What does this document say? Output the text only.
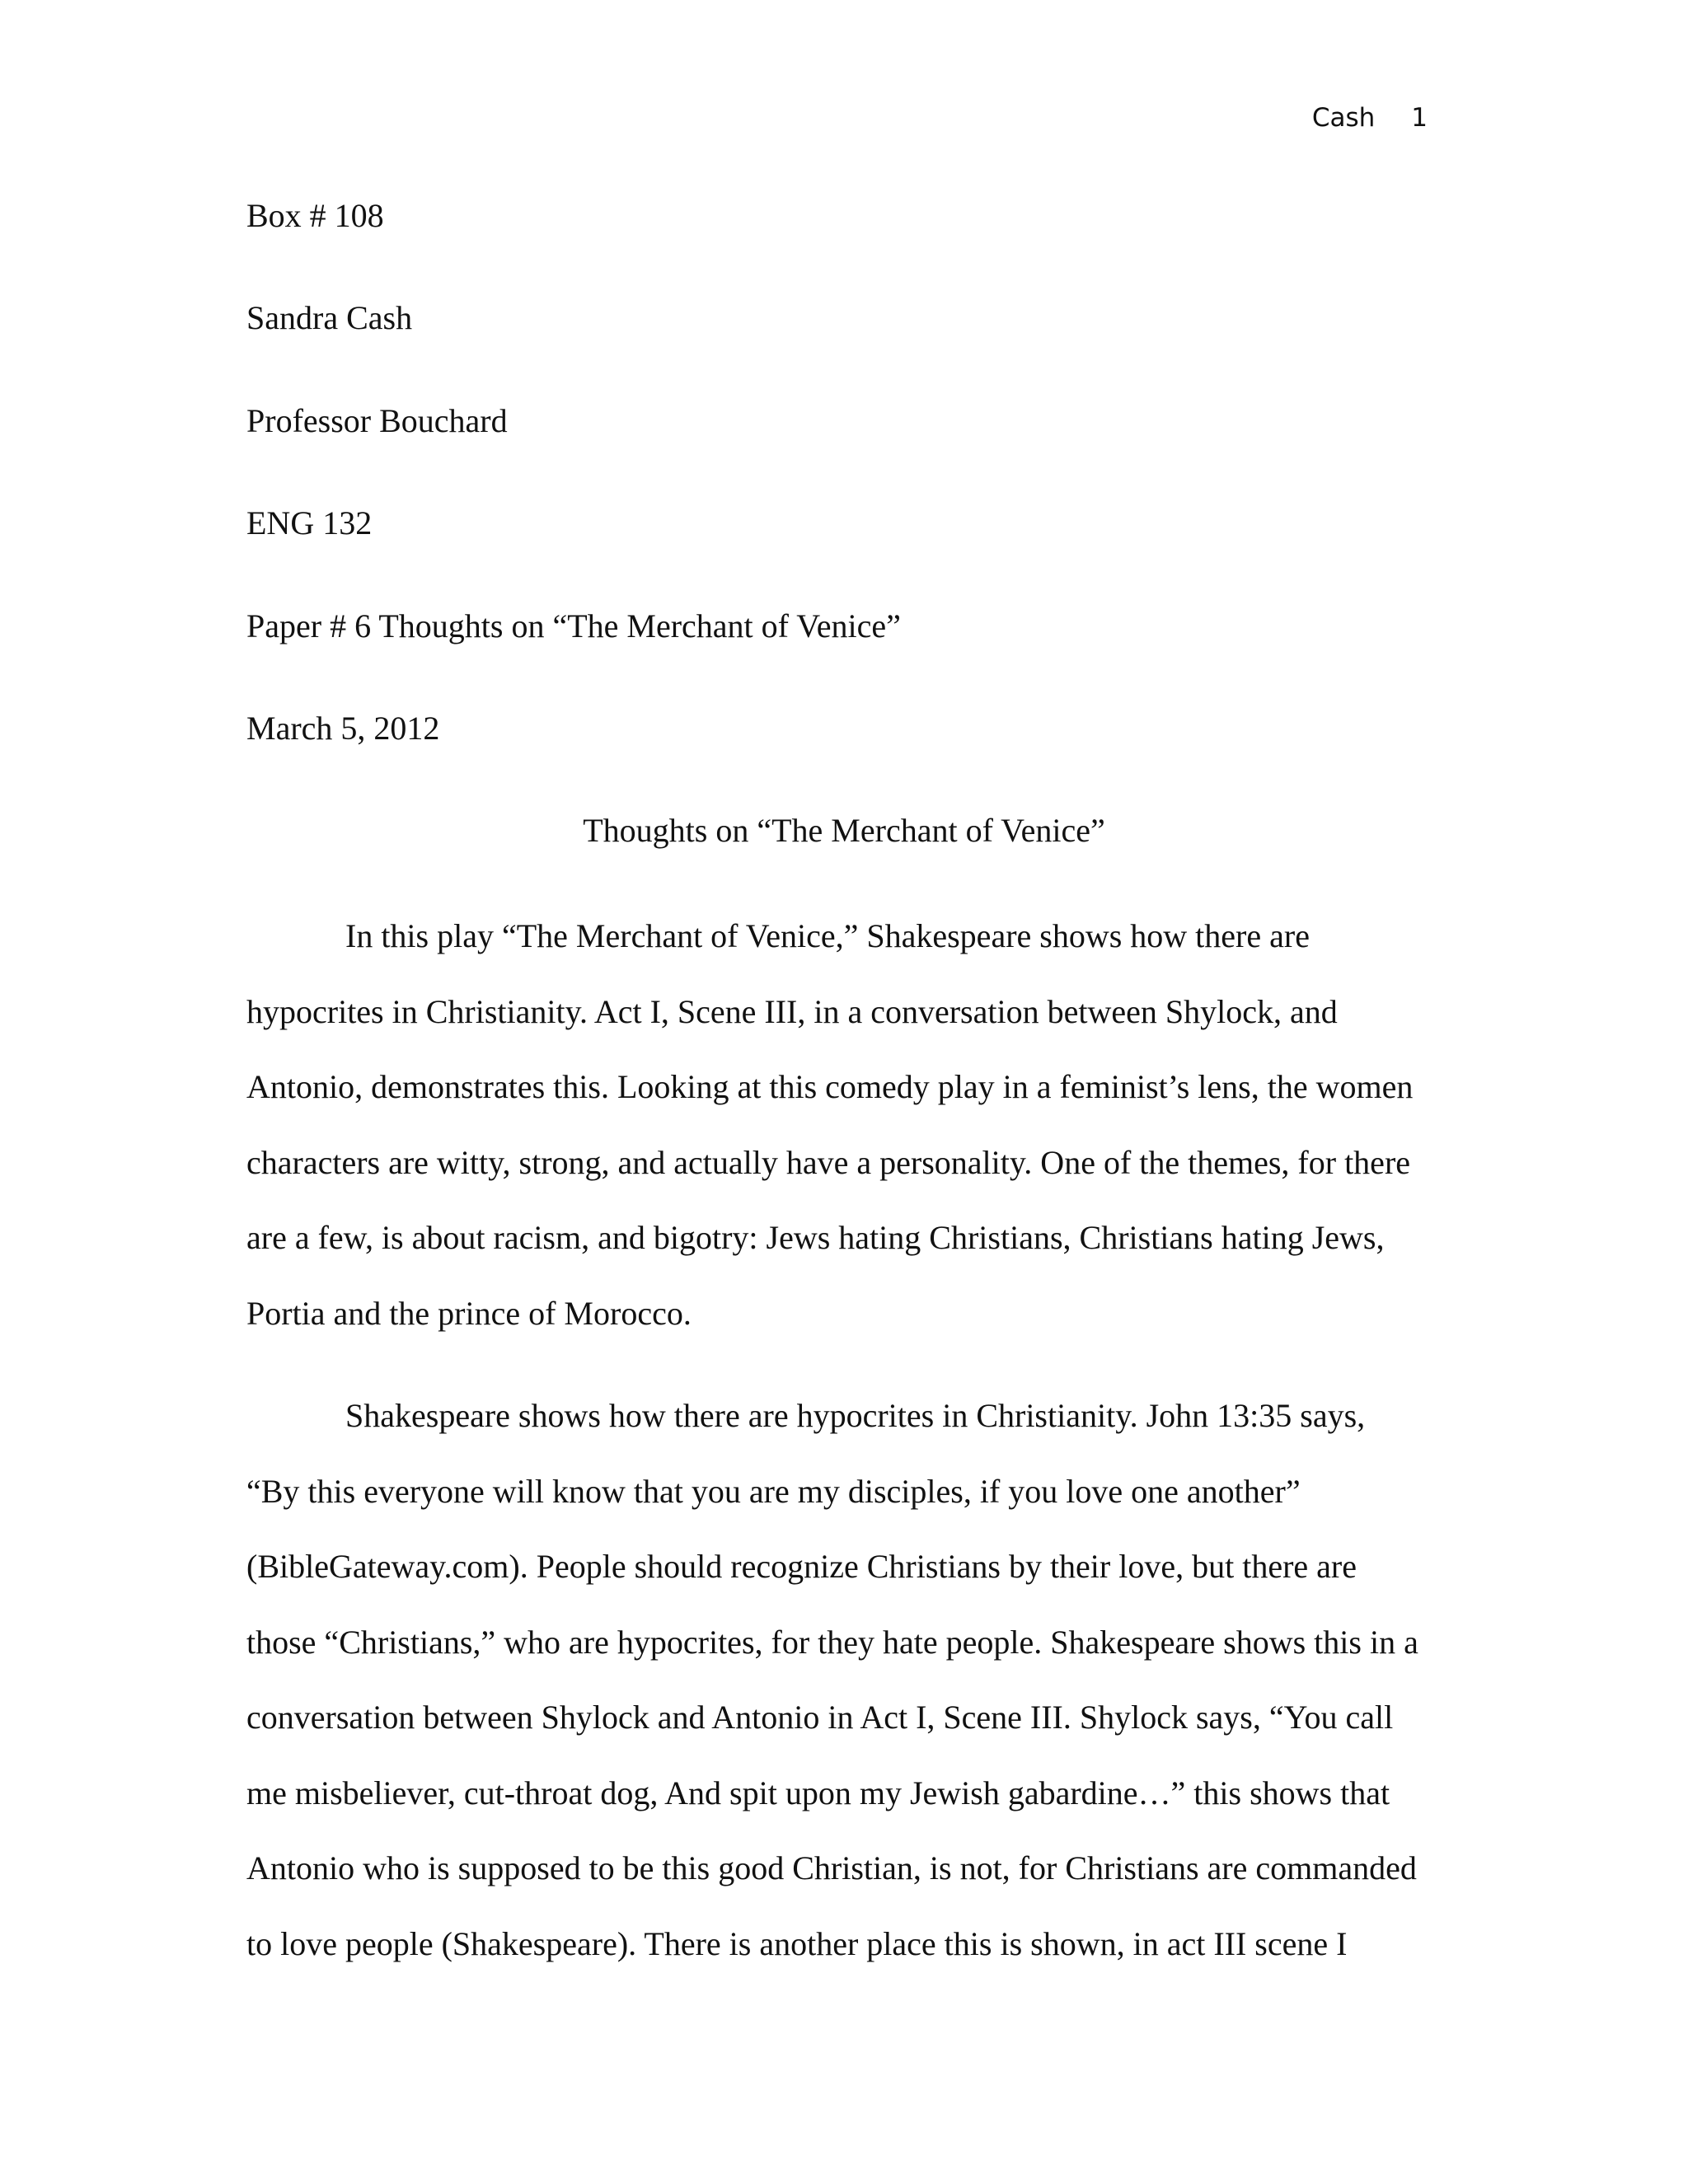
Cash 1
Box # 108
Sandra Cash
Professor Bouchard
ENG 132
Paper # 6 Thoughts on “The Merchant of Venice”
March 5, 2012
Thoughts on “The Merchant of Venice”
In this play “The Merchant of Venice,” Shakespeare shows how there are
hypocrites in Christianity. Act I, Scene III, in a conversation between Shylock, and
Antonio, demonstrates this. Looking at this comedy play in a feminist’s lens, the women
characters are witty, strong, and actually have a personality. One of the themes, for there
are a few, is about racism, and bigotry: Jews hating Christians, Christians hating Jews,
Portia and the prince of Morocco.
Shakespeare shows how there are hypocrites in Christianity. John 13:35 says,
“By this everyone will know that you are my disciples, if you love one another”
(BibleGateway.com). People should recognize Christians by their love, but there are
those “Christians,” who are hypocrites, for they hate people. Shakespeare shows this in a
conversation between Shylock and Antonio in Act I, Scene III. Shylock says, “You call
me misbeliever, cut-throat dog, And spit upon my Jewish gabardine…” this shows that
Antonio who is supposed to be this good Christian, is not, for Christians are commanded
to love people (Shakespeare). There is another place this is shown, in act III scene I
